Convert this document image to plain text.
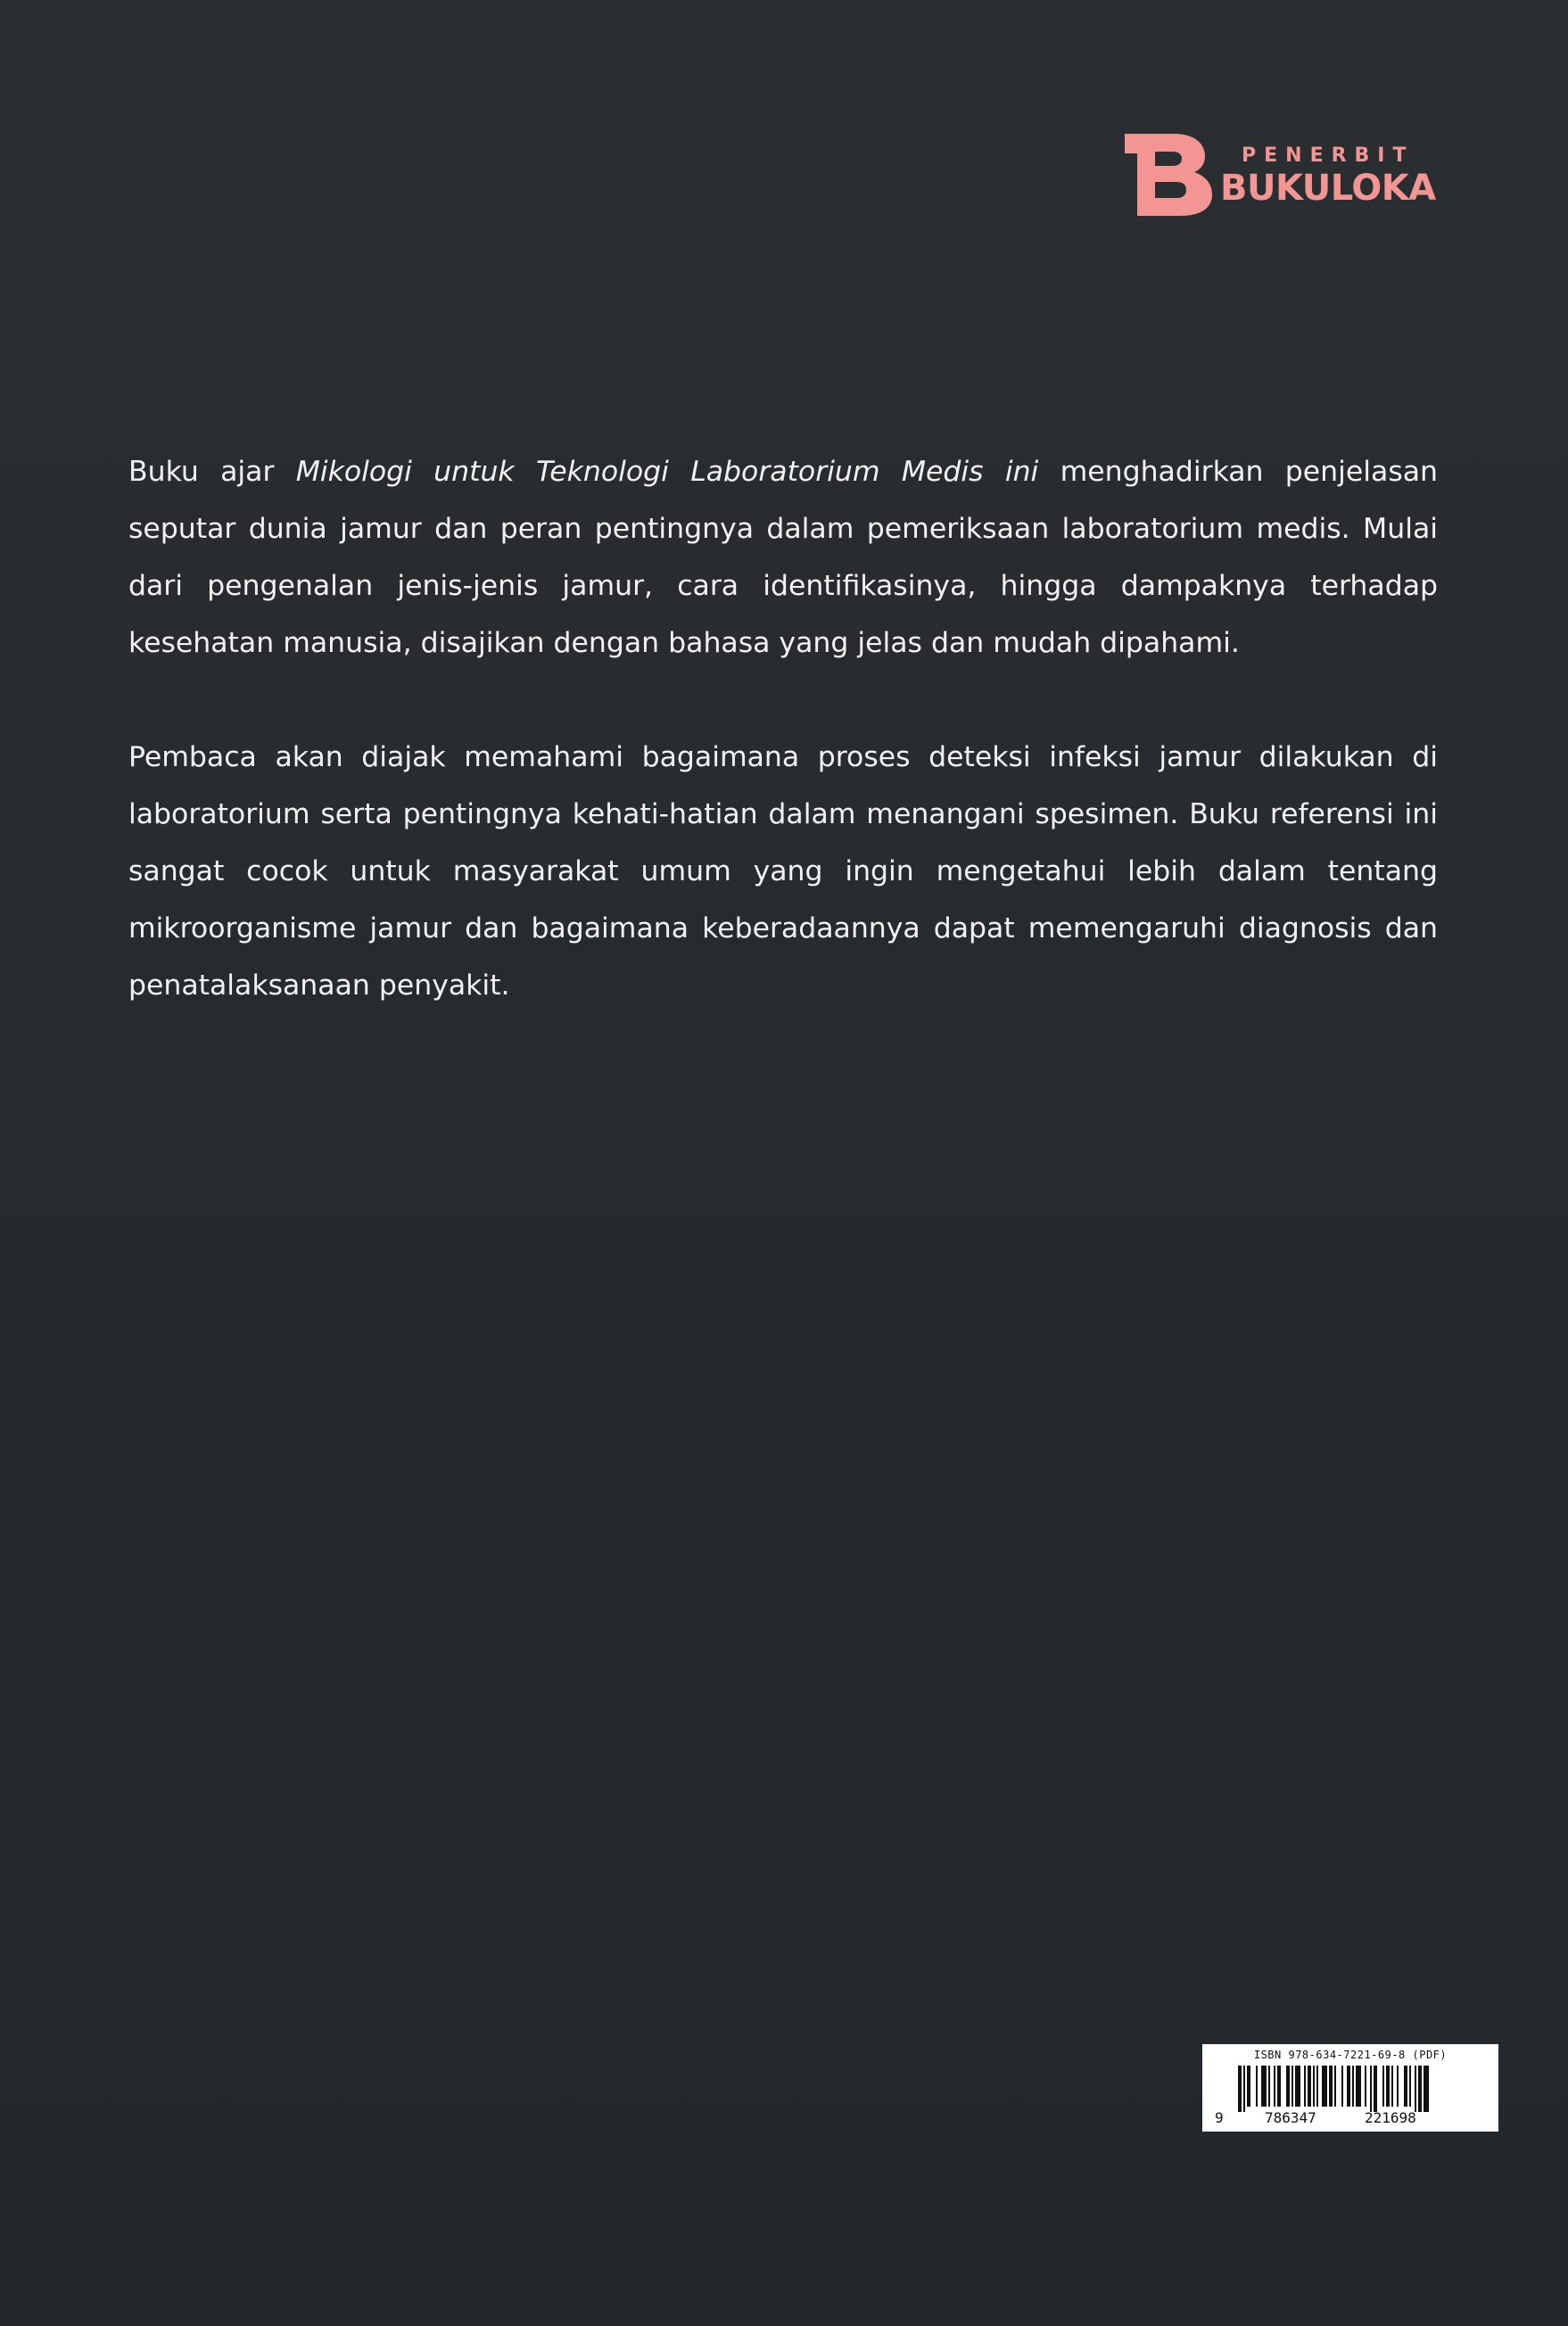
PENERBIT
BUKULOKA

Buku ajar Mikologi untuk Teknologi Laboratorium Medis ini menghadirkan penjelasan seputar dunia jamur dan peran pentingnya dalam pemeriksaan laboratorium medis. Mulai dari pengenalan jenis-jenis jamur, cara identifikasinya, hingga dampaknya terhadap kesehatan manusia, disajikan dengan bahasa yang jelas dan mudah dipahami.

Pembaca akan diajak memahami bagaimana proses deteksi infeksi jamur dilakukan di laboratorium serta pentingnya kehati-hatian dalam menangani spesimen. Buku referensi ini sangat cocok untuk masyarakat umum yang ingin mengetahui lebih dalam tentang mikroorganisme jamur dan bagaimana keberadaannya dapat memengaruhi diagnosis dan penatalaksanaan penyakit.

ISBN 978-634-7221-69-8 (PDF)
9	786347	221698
